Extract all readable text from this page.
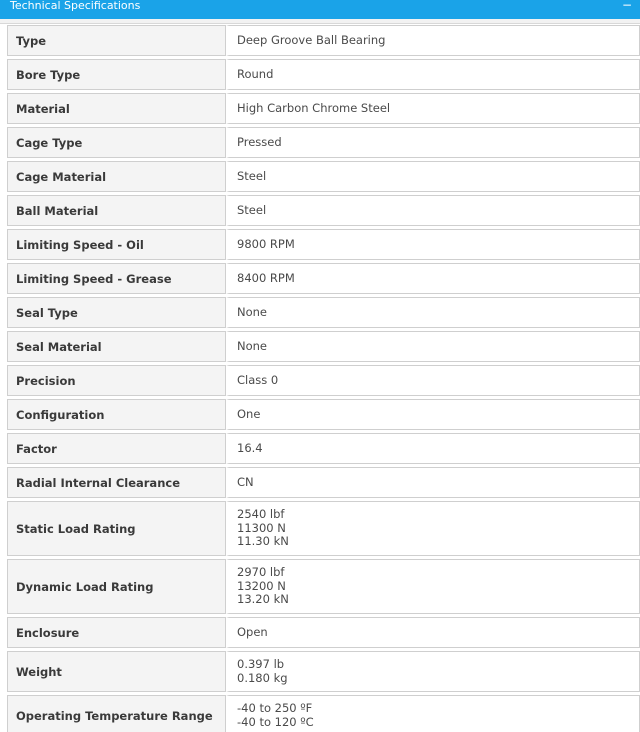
Technical Specifications	−
Type	Deep Groove Ball Bearing

Bore Type	Round

Material	High Carbon Chrome Steel

Cage Type	Pressed

Cage Material	Steel

Ball Material	Steel

Limiting Speed - Oil	9800 RPM

Limiting Speed - Grease	8400 RPM

Seal Type	None

Seal Material	None

Precision	Class 0

Configuration	One

Factor	16.4

Radial Internal Clearance	CN

Static Load Rating	2540 lbf
11300 N
11.30 kN

Dynamic Load Rating	2970 lbf
13200 N
13.20 kN

Enclosure	Open

Weight	0.397 lb
0.180 kg

Operating Temperature Range	-40 to 250 ºF
-40 to 120 ºC
